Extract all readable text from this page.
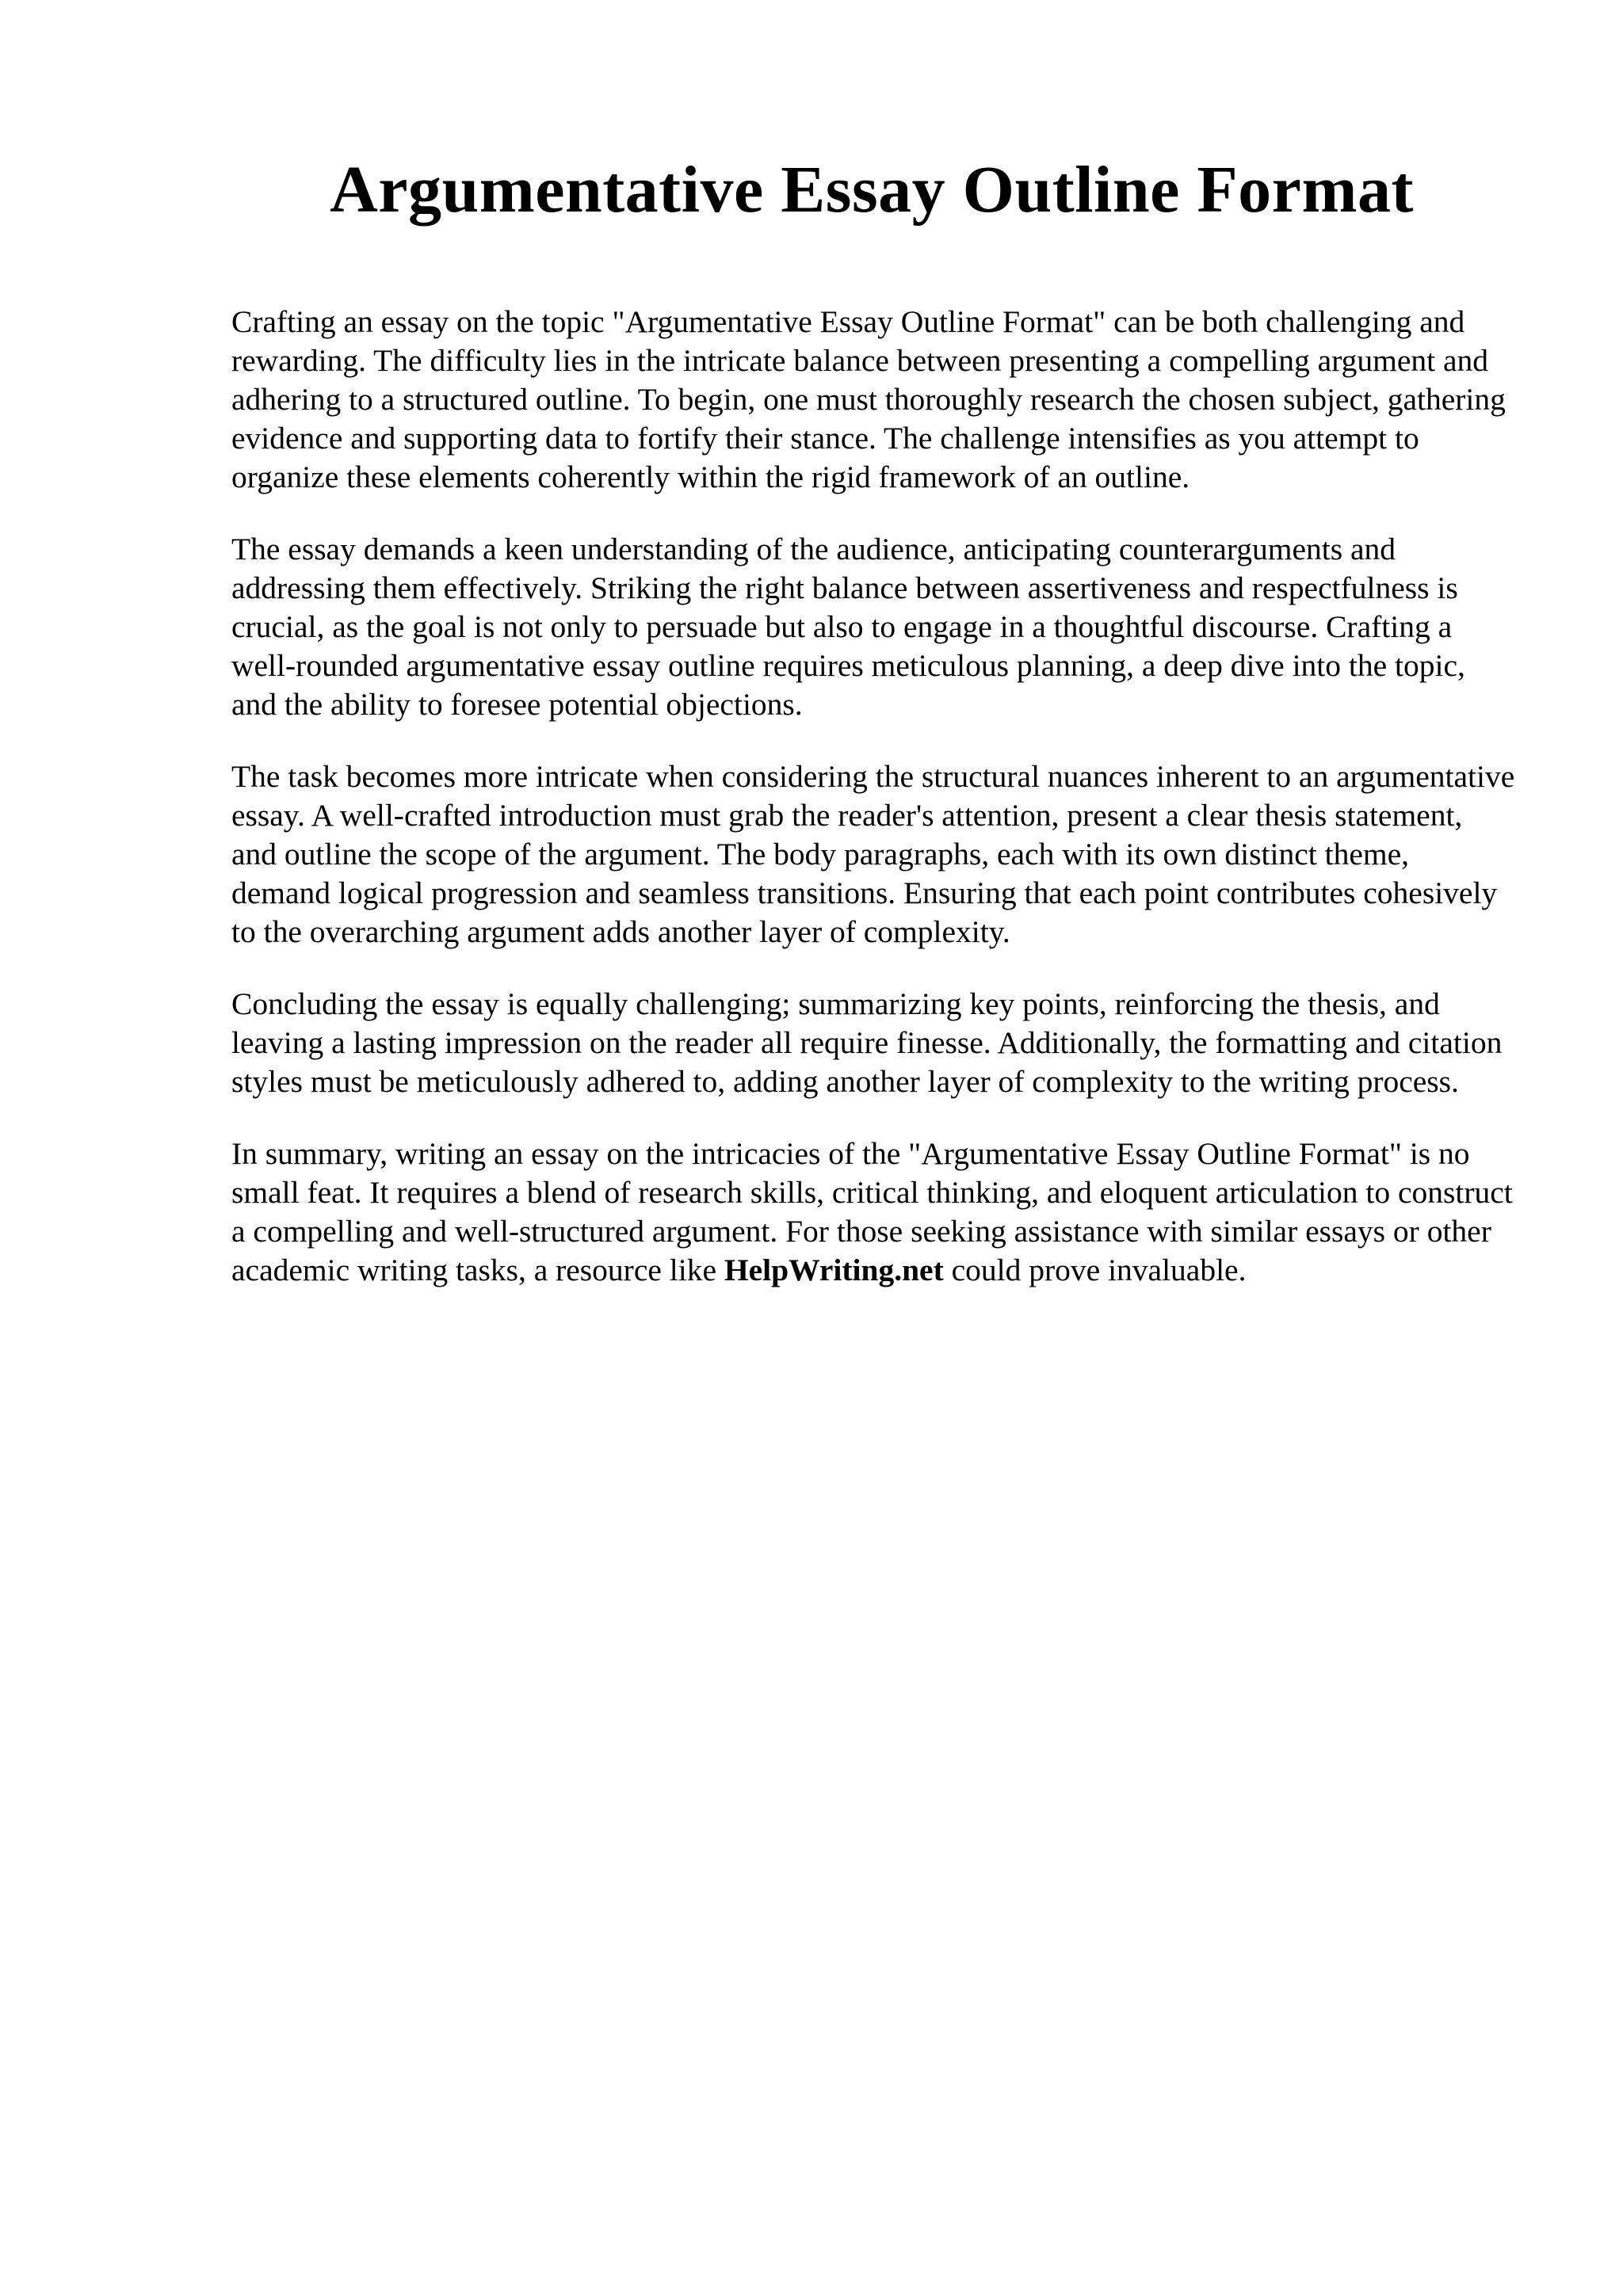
Argumentative Essay Outline Format

Crafting an essay on the topic "Argumentative Essay Outline Format" can be both challenging and rewarding. The difficulty lies in the intricate balance between presenting a compelling argument and adhering to a structured outline. To begin, one must thoroughly research the chosen subject, gathering evidence and supporting data to fortify their stance. The challenge intensifies as you attempt to organize these elements coherently within the rigid framework of an outline.

The essay demands a keen understanding of the audience, anticipating counterarguments and addressing them effectively. Striking the right balance between assertiveness and respectfulness is crucial, as the goal is not only to persuade but also to engage in a thoughtful discourse. Crafting a well-rounded argumentative essay outline requires meticulous planning, a deep dive into the topic, and the ability to foresee potential objections.

The task becomes more intricate when considering the structural nuances inherent to an argumentative essay. A well-crafted introduction must grab the reader's attention, present a clear thesis statement, and outline the scope of the argument. The body paragraphs, each with its own distinct theme, demand logical progression and seamless transitions. Ensuring that each point contributes cohesively to the overarching argument adds another layer of complexity.

Concluding the essay is equally challenging; summarizing key points, reinforcing the thesis, and leaving a lasting impression on the reader all require finesse. Additionally, the formatting and citation styles must be meticulously adhered to, adding another layer of complexity to the writing process.

In summary, writing an essay on the intricacies of the "Argumentative Essay Outline Format" is no small feat. It requires a blend of research skills, critical thinking, and eloquent articulation to construct a compelling and well-structured argument. For those seeking assistance with similar essays or other academic writing tasks, a resource like HelpWriting.net could prove invaluable.
